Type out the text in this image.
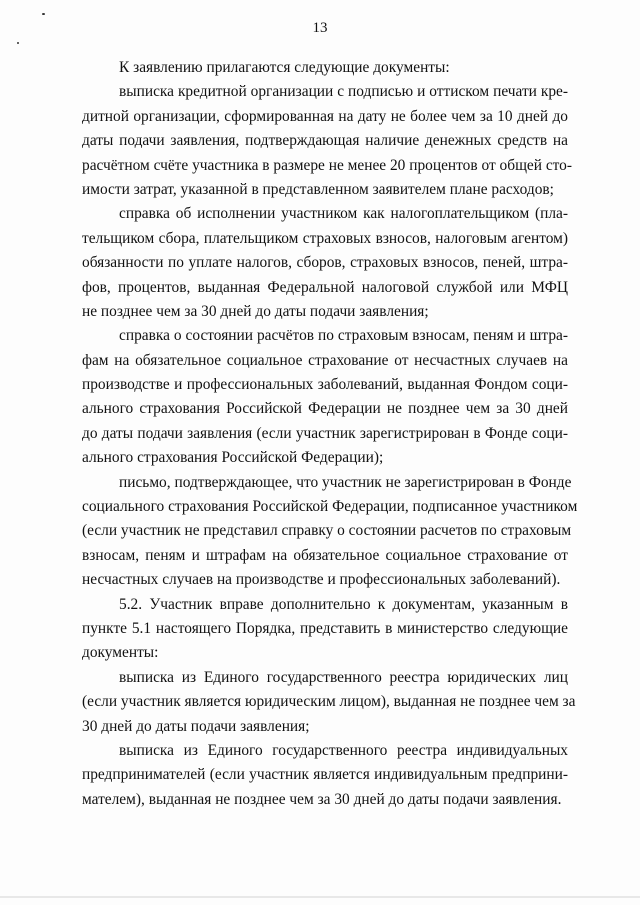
13
К заявлению прилагаются следующие документы:
выписка кредитной организации с подписью и оттиском печати кре-
дитной организации, сформированная на дату не более чем за 10 дней до
даты подачи заявления, подтверждающая наличие денежных средств на
расчётном счёте участника в размере не менее 20 процентов от общей сто-
имости затрат, указанной в представленном заявителем плане расходов;
справка об исполнении участником как налогоплательщиком (пла-
тельщиком сбора, плательщиком страховых взносов, налоговым агентом)
обязанности по уплате налогов, сборов, страховых взносов, пеней, штра-
фов, процентов, выданная Федеральной налоговой службой или МФЦ
не позднее чем за 30 дней до даты подачи заявления;
справка о состоянии расчётов по страховым взносам, пеням и штра-
фам на обязательное социальное страхование от несчастных случаев на
производстве и профессиональных заболеваний, выданная Фондом соци-
ального страхования Российской Федерации не позднее чем за 30 дней
до даты подачи заявления (если участник зарегистрирован в Фонде соци-
ального страхования Российской Федерации);
письмо, подтверждающее, что участник не зарегистрирован в Фонде
социального страхования Российской Федерации, подписанное участником
(если участник не представил справку о состоянии расчетов по страховым
взносам, пеням и штрафам на обязательное социальное страхование от
несчастных случаев на производстве и профессиональных заболеваний).
5.2. Участник вправе дополнительно к документам, указанным в
пункте 5.1 настоящего Порядка, представить в министерство следующие
документы:
выписка из Единого государственного реестра юридических лиц
(если участник является юридическим лицом), выданная не позднее чем за
30 дней до даты подачи заявления;
выписка из Единого государственного реестра индивидуальных
предпринимателей (если участник является индивидуальным предприни-
мателем), выданная не позднее чем за 30 дней до даты подачи заявления.
